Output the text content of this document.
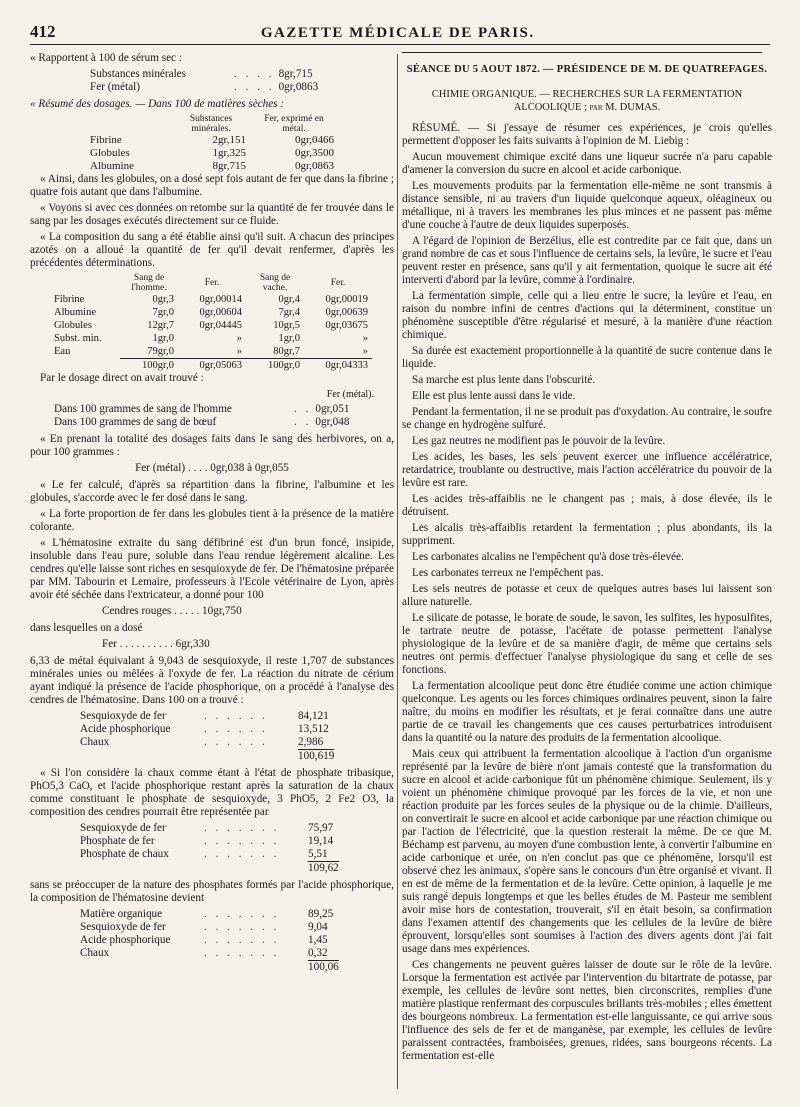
412	GAZETTE MÉDICALE DE PARIS.

« Rapportent à 100 de sérum sec :

Substances minérales	. . . . 8gr,715
Fer (métal)	. . . . 0gr,0863

« Résumé des dosages. — Dans 100 de matières sèches :

	Substances minérales.	Fer, exprimé en métal.
Fibrine	2gr,151	0gr,0466
Globules	1gr,325	0gr,3500
Albumine	8gr,715	0gr,0863

« Ainsi, dans les globules, on a dosé sept fois autant de fer que dans la fibrine ; quatre fois autant que dans l'albumine.

« Voyons si avec ces données on retombe sur la quantité de fer trouvée dans le sang par les dosages exécutés directement sur ce fluide.

« La composition du sang a été établie ainsi qu'il suit. A chacun des principes azotés on a alloué la quantité de fer qu'il devait renfermer, d'après les précédentes déterminations.

	Sang de l'homme.	Fer.	Sang de vache.	Fer.
Fibrine	0gr,3	0gr,00014	0gr,4	0gr,00019
Albumine	7gr,0	0gr,00604	7gr,4	0gr,00639
Globules	12gr,7	0gr,04445	10gr,5	0gr,03675
Subst. min.	1gr,0	»	1gr,0	»
Eau	79gr,0	»	80gr,7	»
	100gr,0	0gr,05063	100gr,0	0gr,04333

Par le dosage direct on avait trouvé :

Fer (métal).
Dans 100 grammes de sang de l'homme	. . 0gr,051
Dans 100 grammes de sang de bœuf	. . 0gr,048

« En prenant la totalité des dosages faits dans le sang des herbivores, on a, pour 100 grammes :

Fer (métal) . . . . 0gr,038 à 0gr,055

« Le fer calculé, d'après sa répartition dans la fibrine, l'albumine et les globules, s'accorde avec le fer dosé dans le sang.

« La forte proportion de fer dans les globules tient à la présence de la matière colorante.

« L'hématosine extraite du sang défibriné est d'un brun foncé, insipide, insoluble dans l'eau pure, soluble dans l'eau rendue légèrement alcaline. Les cendres qu'elle laisse sont riches en sesquioxyde de fer. De l'hématosine préparée par MM. Tabourin et Lemaire, professeurs à l'Ecole vétérinaire de Lyon, après avoir été séchée dans l'extricateur, a donné pour 100

Cendres rouges . . . . . 10gr,750

dans lesquelles on a dosé

Fer . . . . . . . . . . 6gr,330

6,33 de métal équivalant à 9,043 de sesquioxyde, il reste 1,707 de substances minérales unies ou mêlées à l'oxyde de fer. La réaction du nitrate de cérium ayant indiqué la présence de l'acide phosphorique, on a procédé à l'analyse des cendres de l'hématosine. Dans 100 on a trouvé :

Sesquioxyde de fer	. . . . . .	84,121
Acide phosphorique	. . . . . .	13,512
Chaux	. . . . . .	2,986
100,619

« Si l'on considère la chaux comme étant à l'état de phosphate tribasique, PhO5,3 CaO, et l'acide phosphorique restant après la saturation de la chaux comme constituant le phosphate de sesquioxyde, 3 PhO5, 2 Fe2 O3, la composition des cendres pourrait être représentée par

Sesquioxyde de fer	. . . . . . .	75,97
Phosphate de fer	. . . . . . .	19,14
Phosphate de chaux	. . . . . . .	5,51
109,62

sans se préoccuper de la nature des phosphates formés par l'acide phosphorique, la composition de l'hématosine devient

Matière organique	. . . . . . .	89,25
Sesquioxyde de fer	. . . . . . .	9,04
Acide phosphorique	. . . . . . .	1,45
Chaux	. . . . . . .	0,32
100,06

SÉANCE DU 5 AOUT 1872. — PRÉSIDENCE DE M. DE QUATREFAGES.

CHIMIE ORGANIQUE. — RECHERCHES SUR LA FERMENTATION ALCOOLIQUE ; par M. DUMAS.

RÉSUMÉ. — Si j'essaye de résumer ces expériences, je crois qu'elles permettent d'opposer les faits suivants à l'opinion de M. Liebig :

Aucun mouvement chimique excité dans une liqueur sucrée n'a paru capable d'amener la conversion du sucre en alcool et acide carbonique.

Les mouvements produits par la fermentation elle-même ne sont transmis à distance sensible, ni au travers d'un liquide quelconque aqueux, oléagineux ou métallique, ni à travers les membranes les plus minces et ne passent pas même d'une couche à l'autre de deux liquides superposés.

A l'égard de l'opinion de Berzélius, elle est contredite par ce fait que, dans un grand nombre de cas et sous l'influence de certains sels, la levûre, le sucre et l'eau peuvent rester en présence, sans qu'il y ait fermentation, quoique le sucre ait été interverti d'abord par la levûre, comme à l'ordinaire.

La fermentation simple, celle qui a lieu entre le sucre, la levûre et l'eau, en raison du nombre infini de centres d'actions qui la déterminent, constitue un phénomène susceptible d'être régularisé et mesuré, à la manière d'une réaction chimique.

Sa durée est exactement proportionnelle à la quantité de sucre contenue dans le liquide.

Sa marche est plus lente dans l'obscurité.

Elle est plus lente aussi dans le vide.

Pendant la fermentation, il ne se produit pas d'oxydation. Au contraire, le soufre se change en hydrogène sulfuré.

Les gaz neutres ne modifient pas le pouvoir de la levûre.

Les acides, les bases, les sels peuvent exercer une influence accélératrice, retardatrice, troublante ou destructive, mais l'action accélératrice du pouvoir de la levûre est rare.

Les acides très-affaiblis ne le changent pas ; mais, à dose élevée, ils le détruisent.

Les alcalis très-affaiblis retardent la fermentation ; plus abondants, ils la suppriment.

Les carbonates alcalins ne l'empêchent qu'à dose très-élevée.

Les carbonates terreux ne l'empêchent pas.

Les sels neutres de potasse et ceux de quelques autres bases lui laissent son allure naturelle.

Le silicate de potasse, le borate de soude, le savon, les sulfites, les hyposulfites, le tartrate neutre de potasse, l'acétate de potasse permettent l'analyse physiologique de la levûre et de sa manière d'agir, de même que certains sels neutres ont permis d'effectuer l'analyse physiologique du sang et celle de ses fonctions.

La fermentation alcoolique peut donc être étudiée comme une action chimique quelconque. Les agents ou les forces chimiques ordinaires peuvent, sinon la faire naître, du moins en modifier les résultats, et je ferai connaître dans une autre partie de ce travail les changements que ces causes perturbatrices introduisent dans la quantité ou la nature des produits de la fermentation alcoolique.

Mais ceux qui attribuent la fermentation alcoolique à l'action d'un organisme représenté par la levûre de bière n'ont jamais contesté que la transformation du sucre en alcool et acide carbonique fût un phénomène chimique. Seulement, ils y voient un phénomène chimique provoqué par les forces de la vie, et non une réaction produite par les forces seules de la physique ou de la chimie. D'ailleurs, on convertirait le sucre en alcool et acide carbonique par une réaction chimique ou par l'action de l'électricité, que la question resterait la même. De ce que M. Béchamp est parvenu, au moyen d'une combustion lente, à convertir l'albumine en acide carbonique et urée, on n'en conclut pas que ce phénomène, lorsqu'il est observé chez les animaux, s'opère sans le concours d'un être organisé et vivant. Il en est de même de la fermentation et de la levûre. Cette opinion, à laquelle je me suis rangé depuis longtemps et que les belles études de M. Pasteur me semblent avoir mise hors de contestation, trouverait, s'il en était besoin, sa confirmation dans l'examen attentif des changements que les cellules de la levûre de bière éprouvent, lorsqu'elles sont soumises à l'action des divers agents dont j'ai fait usage dans mes expériences.

Ces changements ne peuvent guères laisser de doute sur le rôle de la levûre. Lorsque la fermentation est activée par l'intervention du bitartrate de potasse, par exemple, les cellules de levûre sont nettes, bien circonscrites, remplies d'une matière plastique renfermant des corpuscules brillants très-mobiles ; elles émettent des bourgeons nombreux. La fermentation est-elle languissante, ce qui arrive sous l'influence des sels de fer et de manganèse, par exemple, les cellules de levûre paraissent contractées, framboisées, grenues, ridées, sans bourgeons récents. La fermentation est-elle
